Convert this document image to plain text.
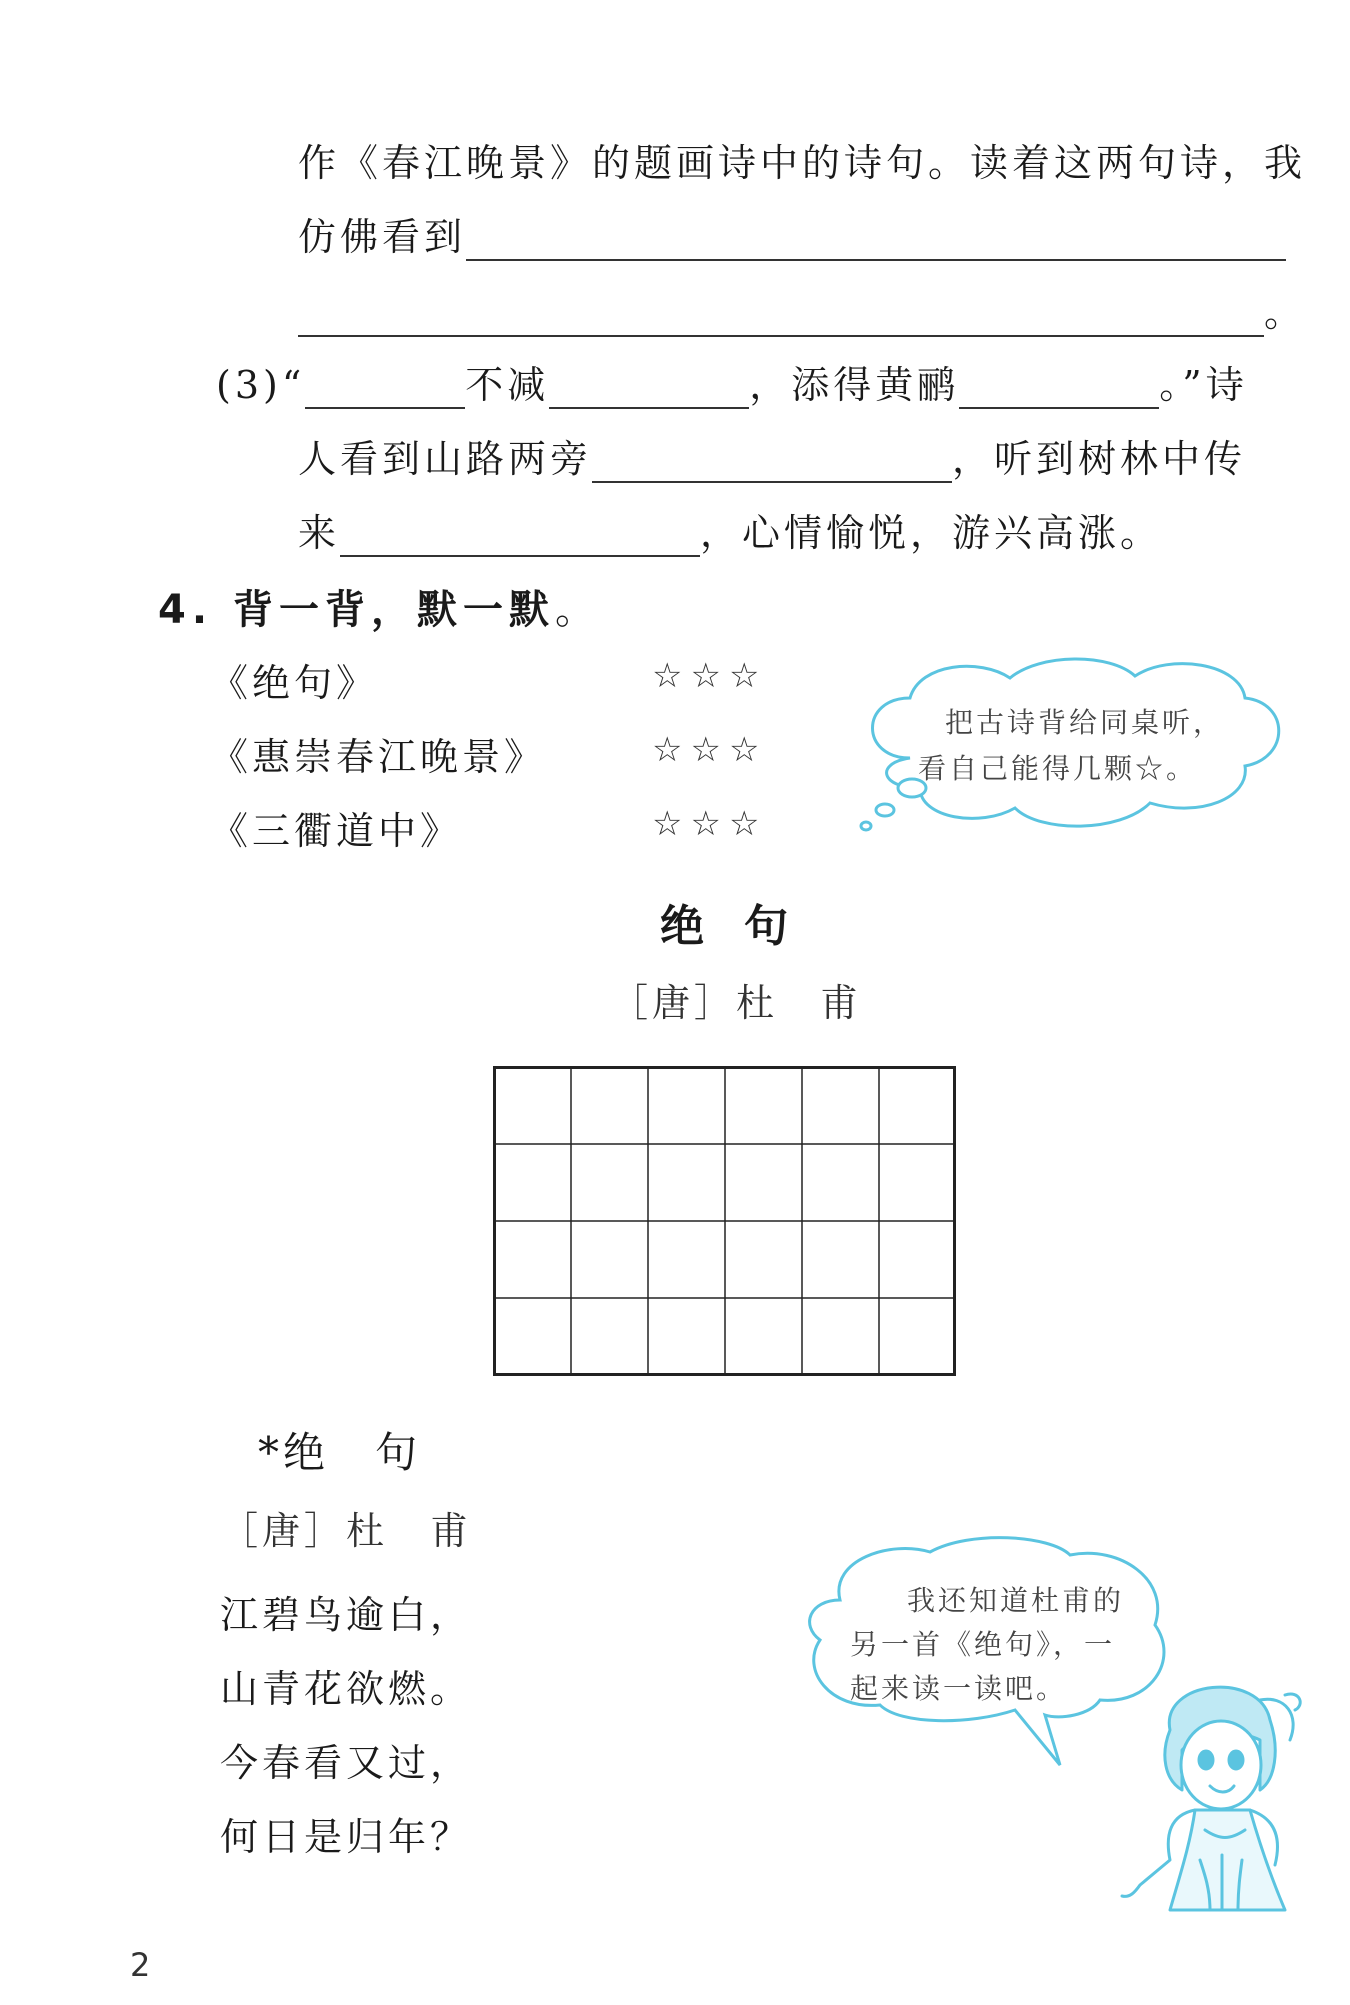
作《春江晚景》的题画诗中的诗句。读着这两句诗，我
仿佛看到
。
(3)“	不减	，添得黄鹂	。”诗
人看到山路两旁	，听到树林中传
来	，心情愉悦，游兴高涨。
4. 背一背，默一默。
《绝句》	☆☆☆
《惠崇春江晚景》	☆☆☆
《三衢道中》	☆☆☆
把古诗背给同桌听，
看自己能得几颗☆。
绝句
［唐］杜　甫
*绝　句
［唐］杜　甫
江碧鸟逾白，
山青花欲燃。
今春看又过，
何日是归年？
我还知道杜甫的
另一首《绝句》，一
起来读一读吧。
2
